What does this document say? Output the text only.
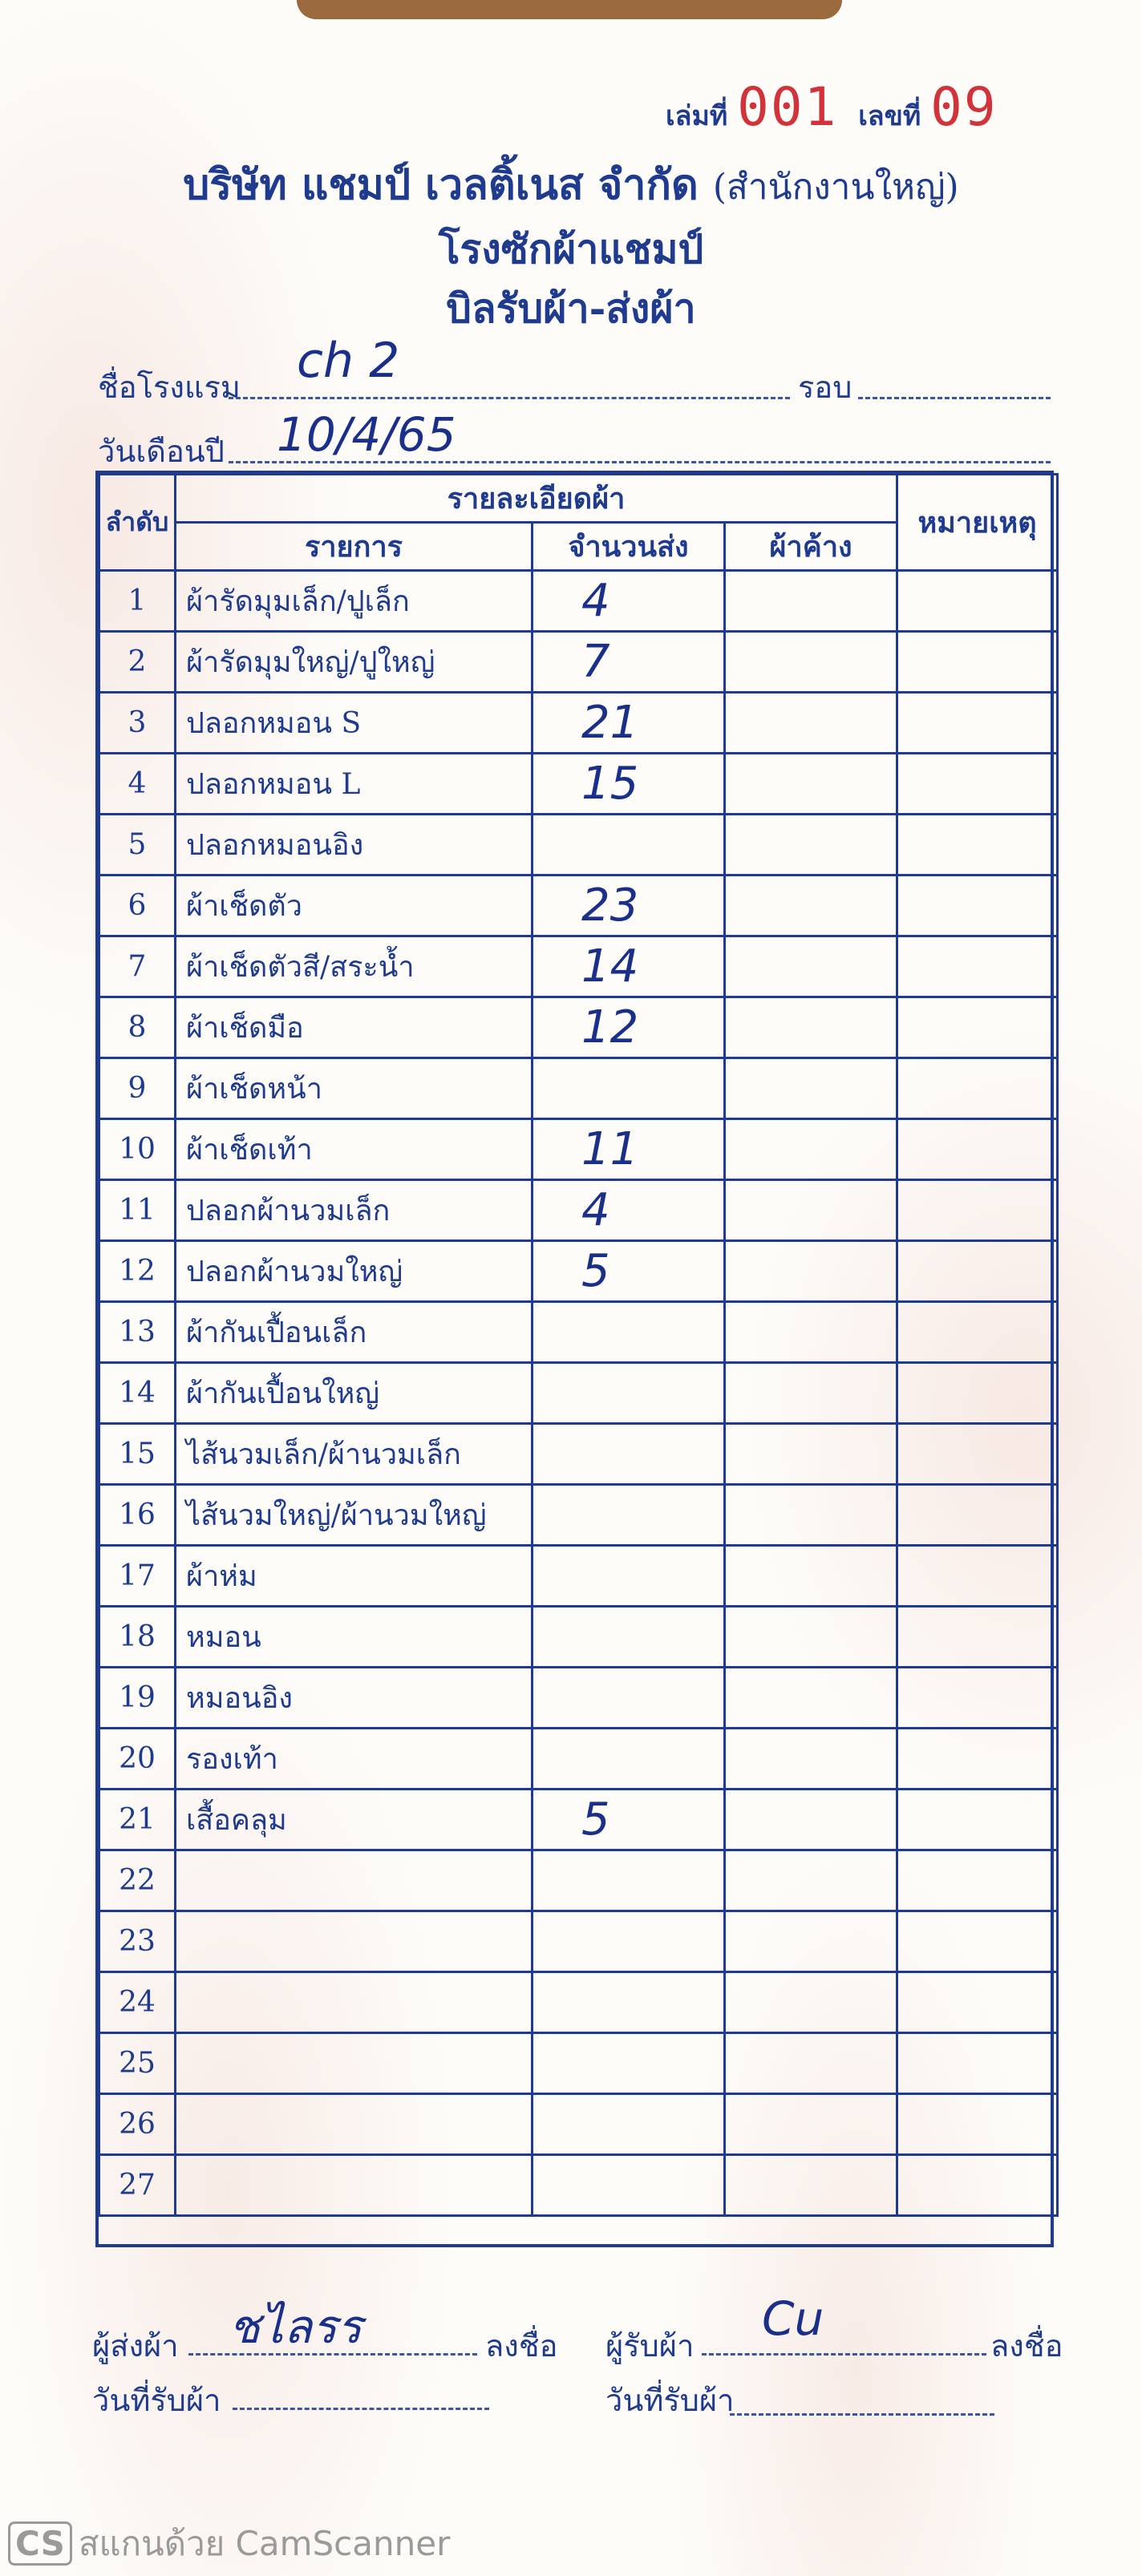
เล่มที่ 001 เลขที่ 09
บริษัท แชมป์ เวลติ้เนส จำกัด (สำนักงานใหญ่)
โรงซักผ้าแชมป์
บิลรับผ้า-ส่งผ้า
ชื่อโรงแรม ch 2	รอบ
วันเดือนปี 10/4/65
ลำดับ	รายละเอียดผ้า			หมายเหตุ
	รายการ	จำนวนส่ง	ผ้าค้าง	
1	ผ้ารัดมุมเล็ก/ปูเล็ก	4		
2	ผ้ารัดมุมใหญ่/ปูใหญ่	7		
3	ปลอกหมอน S	21		
4	ปลอกหมอน L	15		
5	ปลอกหมอนอิง			
6	ผ้าเช็ดตัว	23		
7	ผ้าเช็ดตัวสี/สระน้ำ	14		
8	ผ้าเช็ดมือ	12		
9	ผ้าเช็ดหน้า			
10	ผ้าเช็ดเท้า	11		
11	ปลอกผ้านวมเล็ก	4		
12	ปลอกผ้านวมใหญ่	5		
13	ผ้ากันเปื้อนเล็ก			
14	ผ้ากันเปื้อนใหญ่			
15	ไส้นวมเล็ก/ผ้านวมเล็ก			
16	ไส้นวมใหญ่/ผ้านวมใหญ่			
17	ผ้าห่ม			
18	หมอน			
19	หมอนอิง			
20	รองเท้า			
21	เสื้อคลุม	5		
22				
23				
24				
25				
26				
27				
ผู้ส่งผ้า ชไลรร	ลงชื่อ ผู้รับผ้า Cu	ลงชื่อ
วันที่รับผ้า	วันที่รับผ้า
CS สแกนด้วย CamScanner
